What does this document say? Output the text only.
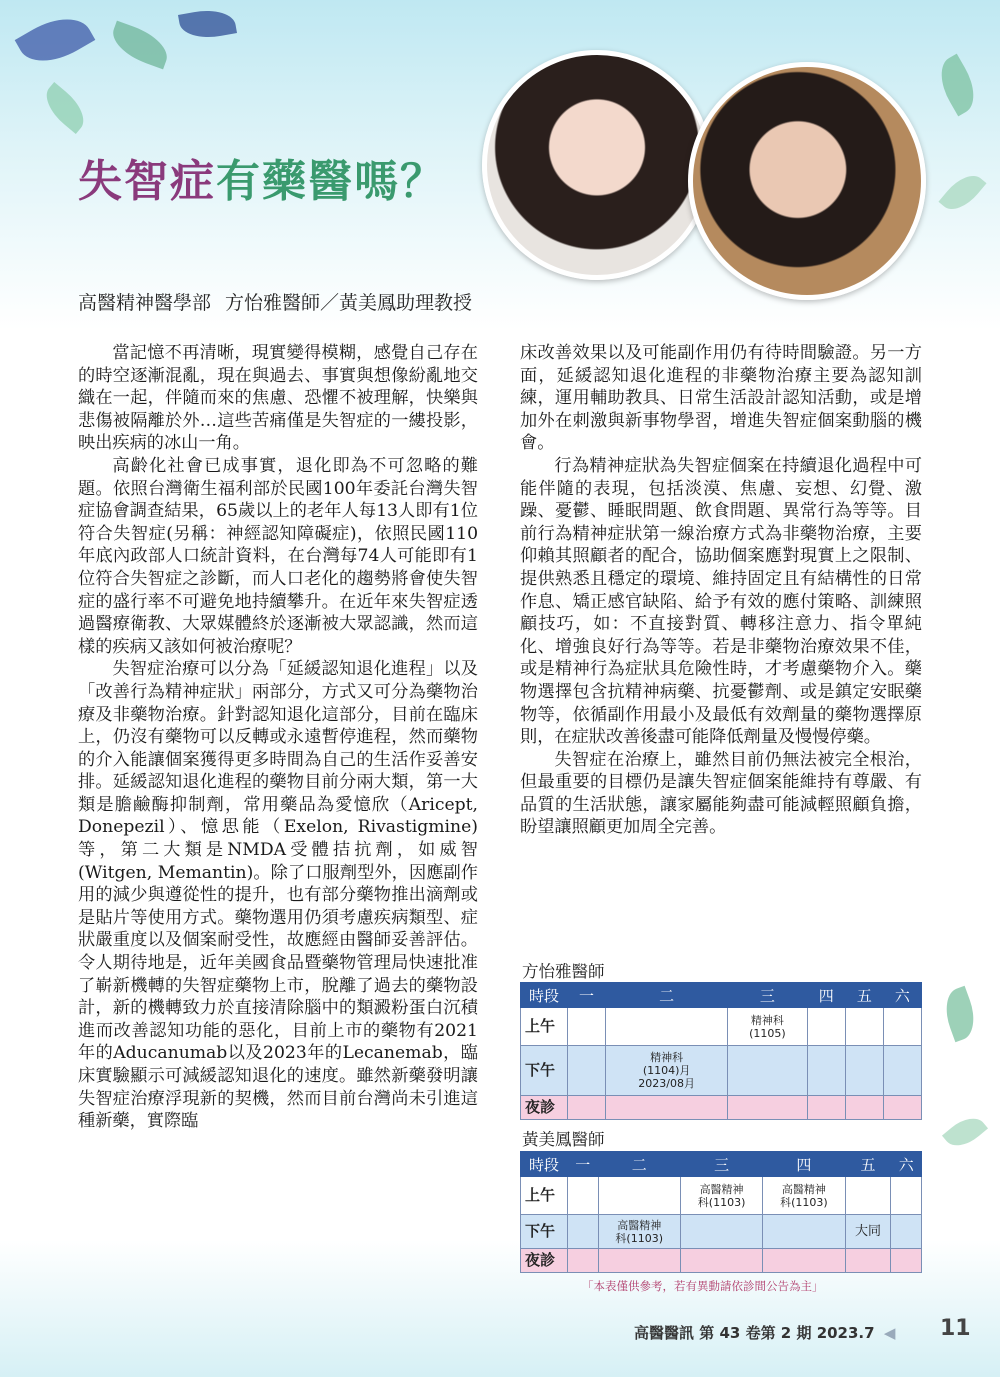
失智症有藥醫嗎？
高醫精神醫學部 方怡雅醫師／黃美鳳助理教授

當記憶不再清晰，現實變得模糊，感覺自己存在的時空逐漸混亂，現在與過去、事實與想像紛亂地交織在一起，伴隨而來的焦慮、恐懼不被理解，快樂與悲傷被隔離於外…這些苦痛僅是失智症的一縷投影，映出疾病的冰山一角。

高齡化社會已成事實，退化即為不可忽略的難題。依照台灣衛生福利部於民國100年委託台灣失智症協會調查結果，65歲以上的老年人每13人即有1位符合失智症(另稱：神經認知障礙症)，依照民國110年底內政部人口統計資料，在台灣每74人可能即有1位符合失智症之診斷，而人口老化的趨勢將會使失智症的盛行率不可避免地持續攀升。在近年來失智症透過醫療衛教、大眾媒體終於逐漸被大眾認識，然而這樣的疾病又該如何被治療呢？

失智症治療可以分為「延緩認知退化進程」以及「改善行為精神症狀」兩部分，方式又可分為藥物治療及非藥物治療。針對認知退化這部分，目前在臨床上，仍沒有藥物可以反轉或永遠暫停進程，然而藥物的介入能讓個案獲得更多時間為自己的生活作妥善安排。延緩認知退化進程的藥物目前分兩大類，第一大類是膽鹼酶抑制劑，常用藥品為愛憶欣（Aricept, Donepezil）、憶思能（Exelon, Rivastigmine)等，第二大類是NMDA受體拮抗劑，如威智(Witgen, Memantin)。除了口服劑型外，因應副作用的減少與遵從性的提升，也有部分藥物推出滴劑或是貼片等使用方式。藥物選用仍須考慮疾病類型、症狀嚴重度以及個案耐受性，故應經由醫師妥善評估。令人期待地是，近年美國食品暨藥物管理局快速批准了嶄新機轉的失智症藥物上市，脫離了過去的藥物設計，新的機轉致力於直接清除腦中的類澱粉蛋白沉積進而改善認知功能的惡化，目前上市的藥物有2021年的Aducanumab以及2023年的Lecanemab，臨床實驗顯示可減緩認知退化的速度。雖然新藥發明讓失智症治療浮現新的契機，然而目前台灣尚未引進這種新藥，實際臨

床改善效果以及可能副作用仍有待時間驗證。另一方面，延緩認知退化進程的非藥物治療主要為認知訓練，運用輔助教具、日常生活設計認知活動，或是增加外在刺激與新事物學習，增進失智症個案動腦的機會。

行為精神症狀為失智症個案在持續退化過程中可能伴隨的表現，包括淡漠、焦慮、妄想、幻覺、激躁、憂鬱、睡眠問題、飲食問題、異常行為等等。目前行為精神症狀第一線治療方式為非藥物治療，主要仰賴其照顧者的配合，協助個案應對現實上之限制、提供熟悉且穩定的環境、維持固定且有結構性的日常作息、矯正感官缺陷、給予有效的應付策略、訓練照顧技巧，如：不直接對質、轉移注意力、指令單純化、增強良好行為等等。若是非藥物治療效果不佳，或是精神行為症狀具危險性時，才考慮藥物介入。藥物選擇包含抗精神病藥、抗憂鬱劑、或是鎮定安眠藥物等，依循副作用最小及最低有效劑量的藥物選擇原則，在症狀改善後盡可能降低劑量及慢慢停藥。

失智症在治療上，雖然目前仍無法被完全根治，但最重要的目標仍是讓失智症個案能維持有尊嚴、有品質的生活狀態，讓家屬能夠盡可能減輕照顧負擔，盼望讓照顧更加周全完善。

方怡雅醫師
時段	一	二	三	四	五	六
上午			精神科
(1105)			
下午		精神科
(1104)月
2023/08月				
夜診						
黃美鳳醫師
時段	一	二	三	四	五	六
上午			高醫精神
科(1103)	高醫精神
科(1103)		
下午		高醫精神
科(1103)			大同	
夜診						
「本表僅供參考，若有異動請依診間公告為主」
高醫醫訊 第 43 卷第 2 期 2023.7 ◀ 11
